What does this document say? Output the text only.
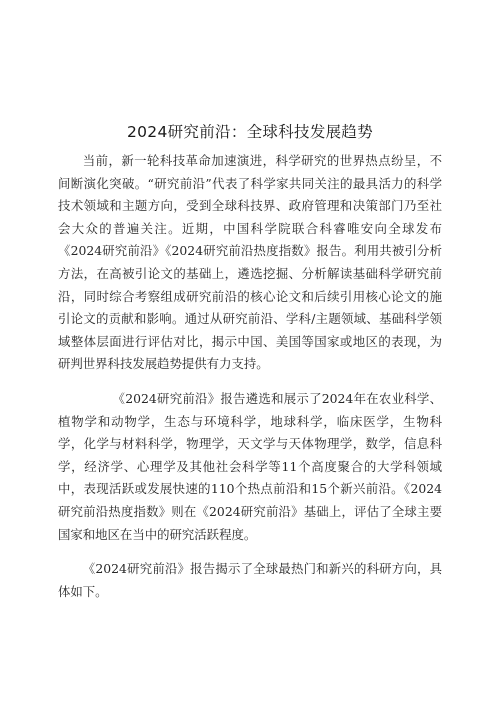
2024研究前沿：全球科技发展趋势

当前，新一轮科技革命加速演进，科学研究的世界热点纷呈，不间断演化突破。“研究前沿”代表了科学家共同关注的最具活力的科学技术领域和主题方向，受到全球科技界、政府管理和决策部门乃至社会大众的普遍关注。近期，中国科学院联合科睿唯安向全球发布《2024研究前沿》《2024研究前沿热度指数》报告。利用共被引分析方法，在高被引论文的基础上，遴选挖掘、分析解读基础科学研究前沿，同时综合考察组成研究前沿的核心论文和后续引用核心论文的施引论文的贡献和影响。通过从研究前沿、学科/主题领域、基础科学领域整体层面进行评估对比，揭示中国、美国等国家或地区的表现，为研判世界科技发展趋势提供有力支持。

《2024研究前沿》报告遴选和展示了2024年在农业科学、植物学和动物学，生态与环境科学，地球科学，临床医学，生物科学，化学与材料科学，物理学，天文学与天体物理学，数学，信息科学，经济学、心理学及其他社会科学等11个高度聚合的大学科领域中，表现活跃或发展快速的110个热点前沿和15个新兴前沿。《2024研究前沿热度指数》则在《2024研究前沿》基础上，评估了全球主要国家和地区在当中的研究活跃程度。

《2024研究前沿》报告揭示了全球最热门和新兴的科研方向，具体如下。
